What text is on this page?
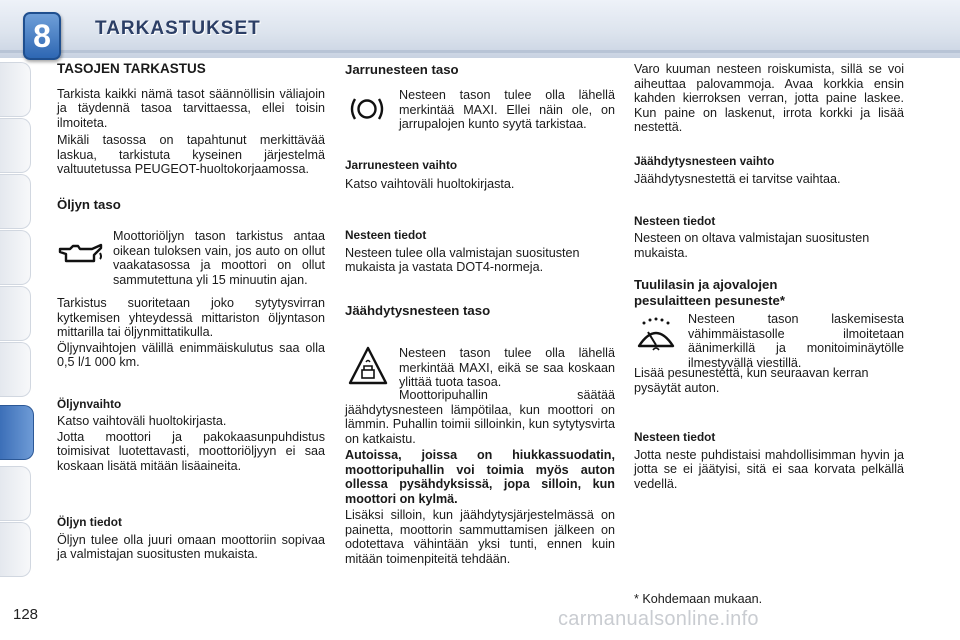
8	TARKASTUKSET

TASOJEN TARKASTUS

Tarkista kaikki nämä tasot säännöllisin väliajoin ja täydennä tasoa tarvittaessa, ellei toisin ilmoiteta.

Mikäli tasossa on tapahtunut merkittävää laskua, tarkistuta kyseinen järjestelmä valtuutetussa PEUGEOT-huoltokorjaamossa.

Öljyn taso

Moottoriöljyn tason tarkistus antaa oikean tuloksen vain, jos auto on ollut vaakatasossa ja moottori on ollut sammutettuna yli 15 minuutin ajan.

Tarkistus suoritetaan joko sytytysvirran kytkemisen yhteydessä mittariston öljyntason mittarilla tai öljynmittatikulla.

Öljynvaihtojen välillä enimmäiskulutus saa olla 0,5 l/1 000 km.

Öljynvaihto

Katso vaihtoväli huoltokirjasta.

Jotta moottori ja pakokaasunpuhdistus toimisivat luotettavasti, moottoriöljyyn ei saa koskaan lisätä mitään lisäaineita.

Öljyn tiedot

Öljyn tulee olla juuri omaan moottoriin sopivaa ja valmistajan suositusten mukaista.

Jarrunesteen taso

Nesteen tason tulee olla lähellä merkintää MAXI. Ellei näin ole, on jarrupalojen kunto syytä tarkistaa.

Jarrunesteen vaihto

Katso vaihtoväli huoltokirjasta.

Nesteen tiedot

Nesteen tulee olla valmistajan suositusten mukaista ja vastata DOT4-normeja.

Jäähdytysnesteen taso

Nesteen tason tulee olla lähellä merkintää MAXI, eikä se saa koskaan ylittää tuota tasoa.

Moottoripuhallin säätää jäähdytysnesteen lämpötilaa, kun moottori on lämmin. Puhallin toimii silloinkin, kun sytytysvirta on katkaistu.

Autoissa, joissa on hiukkassuodatin, moottoripuhallin voi toimia myös auton ollessa pysähdyksissä, jopa silloin, kun moottori on kylmä.

Lisäksi silloin, kun jäähdytysjärjestelmässä on painetta, moottorin sammuttamisen jälkeen on odotettava vähintään yksi tunti, ennen kuin mitään toimenpiteitä tehdään.

Varo kuuman nesteen roiskumista, sillä se voi aiheuttaa palovammoja. Avaa korkkia ensin kahden kierroksen verran, jotta paine laskee. Kun paine on laskenut, irrota korkki ja lisää nestettä.

Jäähdytysnesteen vaihto

Jäähdytysnestettä ei tarvitse vaihtaa.

Nesteen tiedot

Nesteen on oltava valmistajan suositusten mukaista.

Tuulilasin ja ajovalojen

pesulaitteen pesuneste*

Nesteen tason laskemisesta vähimmäistasolle ilmoitetaan äänimerkillä ja monitoiminäytölle ilmestyvällä viestillä.

Lisää pesunestettä, kun seuraavan kerran pysäytät auton.

Nesteen tiedot

Jotta neste puhdistaisi mahdollisimman hyvin ja jotta se ei jäätyisi, sitä ei saa korvata pelkällä vedellä.

* Kohdemaan mukaan.

128	carmanualsonline.info
